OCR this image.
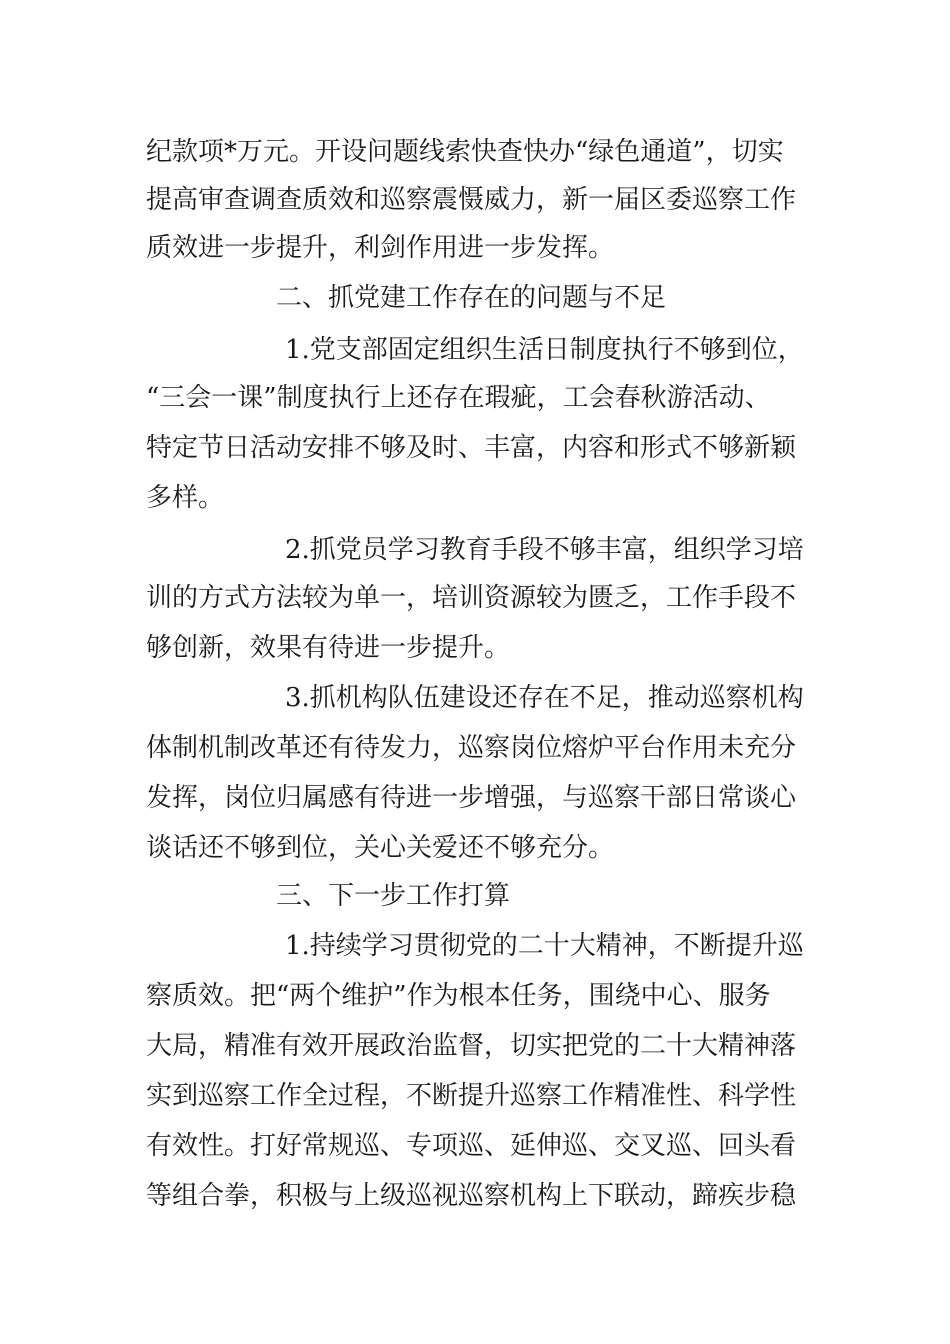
纪款项*万元。开设问题线索快查快办“绿色通道”，切实
提高审查调查质效和巡察震慑威力，新一届区委巡察工作
质效进一步提升，利剑作用进一步发挥。
二、抓党建工作存在的问题与不足
1.党支部固定组织生活日制度执行不够到位，
“三会一课”制度执行上还存在瑕疵，工会春秋游活动、
特定节日活动安排不够及时、丰富，内容和形式不够新颖
多样。
2.抓党员学习教育手段不够丰富，组织学习培
训的方式方法较为单一，培训资源较为匮乏，工作手段不
够创新，效果有待进一步提升。
3.抓机构队伍建设还存在不足，推动巡察机构
体制机制改革还有待发力，巡察岗位熔炉平台作用未充分
发挥，岗位归属感有待进一步增强，与巡察干部日常谈心
谈话还不够到位，关心关爱还不够充分。
三、下一步工作打算
1.持续学习贯彻党的二十大精神，不断提升巡
察质效。把“两个维护”作为根本任务，围绕中心、服务
大局，精准有效开展政治监督，切实把党的二十大精神落
实到巡察工作全过程，不断提升巡察工作精准性、科学性
有效性。打好常规巡、专项巡、延伸巡、交叉巡、回头看
等组合拳，积极与上级巡视巡察机构上下联动，蹄疾步稳
